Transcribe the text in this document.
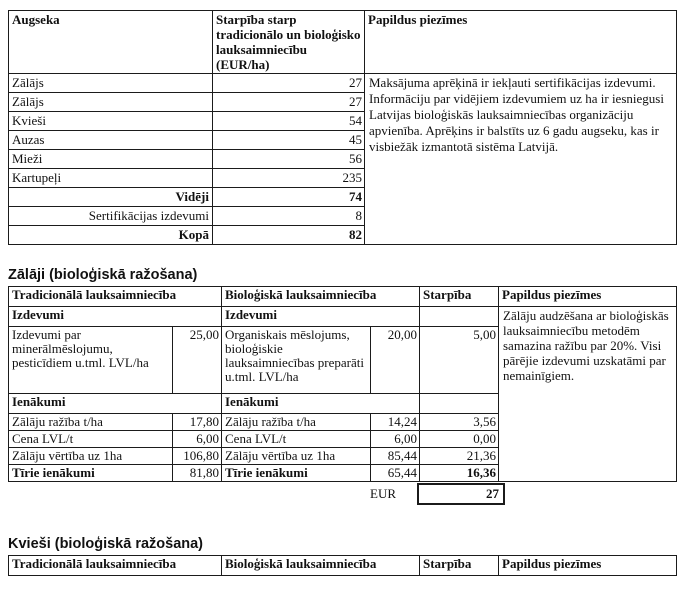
Augseka	Starpība starp tradicionālo un bioloģisko lauksaimniecību (EUR/ha)	Papildus piezīmes
Zālājs	27	Maksājuma aprēķinā ir iekļauti sertifikācijas izdevumi. Informāciju par vidējiem izdevumiem uz ha ir iesniegusi Latvijas bioloģiskās lauksaimniecības organizāciju apvienība. Aprēķins ir balstīts uz 6 gadu augseku, kas ir visbiežāk izmantotā sistēma Latvijā.
Zālājs	27	
Kvieši	54	
Auzas	45	
Mieži	56	
Kartupeļi	235	
Vidēji	74	
Sertifikācijas izdevumi	8	
Kopā	82	
Zālāji (bioloģiskā ražošana)
Tradicionālā lauksaimniecība		Bioloģiskā lauksaimniecība		Starpība	Papildus piezīmes
Izdevumi		Izdevumi			Zālāju audzēšana ar bioloģiskās lauksaimniecību metodēm samazina ražību par 20%. Visi pārējie izdevumi uzskatāmi par nemainīgiem.
Izdevumi par minerālmēslojumu, pesticīdiem u.tml. LVL/ha	25,00	Organiskais mēslojums, bioloģiskie lauksaimniecības preparāti u.tml. LVL/ha	20,00	5,00	
Ienākumi		Ienākumi			
Zālāju ražība t/ha	17,80	Zālāju ražība t/ha	14,24	3,56	
Cena LVL/t	6,00	Cena LVL/t	6,00	0,00	
Zālāju vērtība uz 1ha	106,80	Zālāju vērtība uz 1ha	85,44	21,36	
Tīrie ienākumi	81,80	Tīrie ienākumi	65,44	16,36	
EUR	27
Kvieši (bioloģiskā ražošana)
Tradicionālā lauksaimniecība	Bioloģiskā lauksaimniecība	Starpība	Papildus piezīmes
